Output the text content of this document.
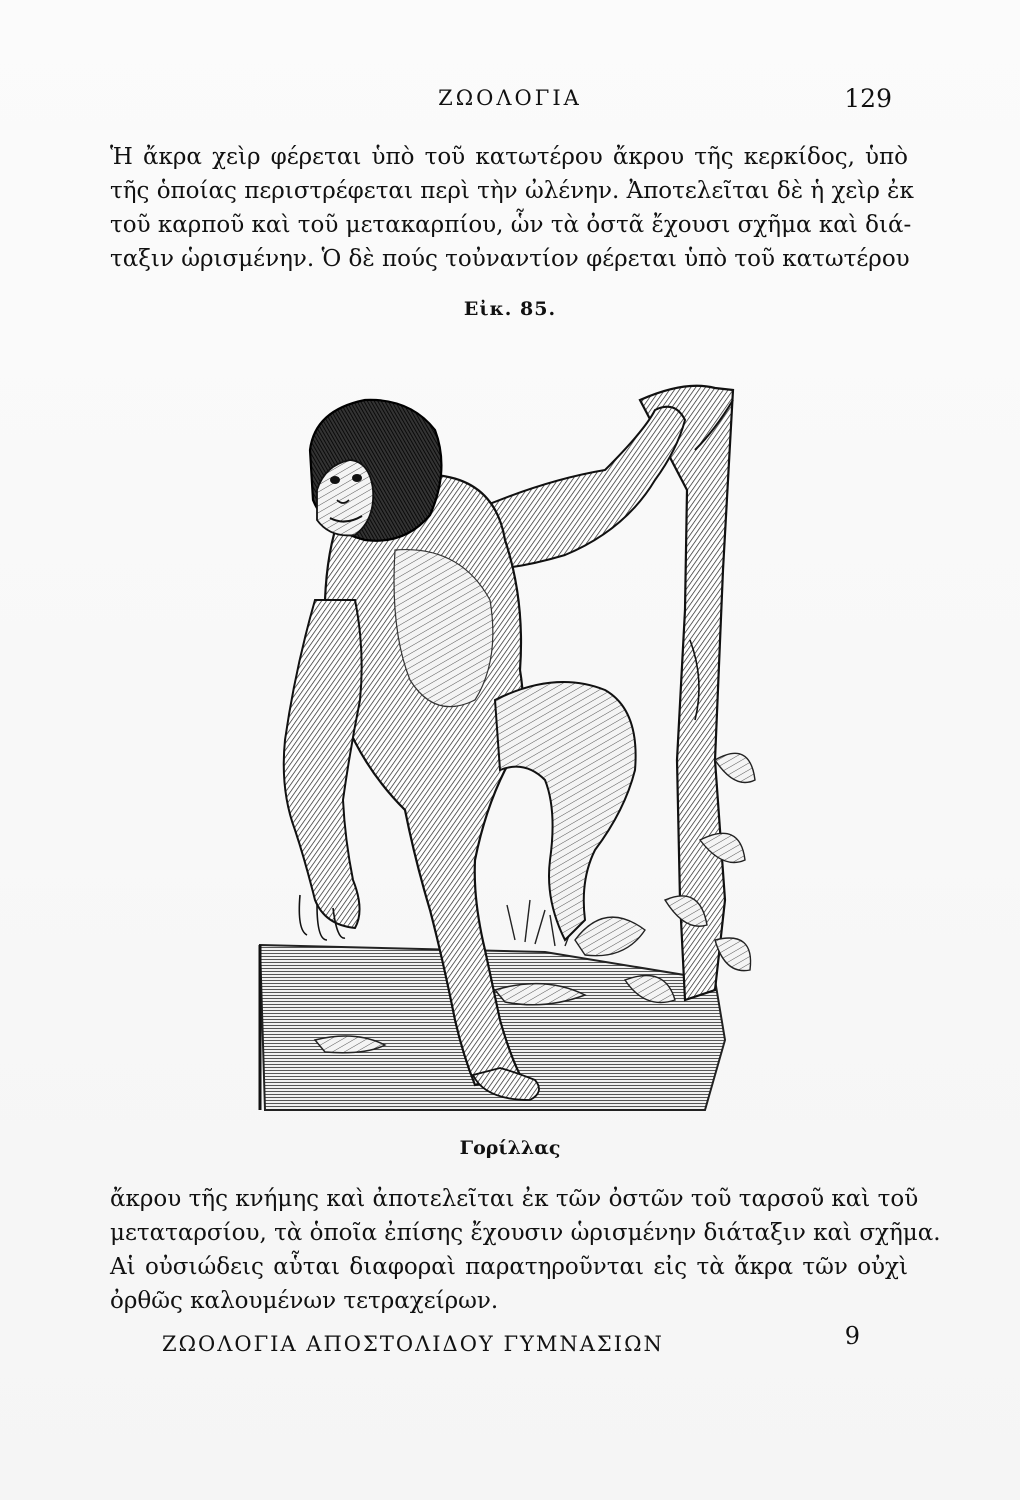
ΖΩΟΛΟΓΙΑ	129
Ἡ ἄκρα χεὶρ φέρεται ὑπὸ τοῦ κατωτέρου ἄκρου τῆς κερκίδος, ὑπὸ
τῆς ὁποίας περιστρέφεται περὶ τὴν ὠλένην. Ἀποτελεῖται δὲ ἡ χεὶρ ἐκ
τοῦ καρποῦ καὶ τοῦ μετακαρπίου, ὧν τὰ ὀστᾶ ἔχουσι σχῆμα καὶ διά-
ταξιν ὡρισμένην. Ὁ δὲ πούς τοὐναντίον φέρεται ὑπὸ τοῦ κατωτέρου
Εἰκ. 85.
Γορίλλας
ἄκρου τῆς κνήμης καὶ ἀποτελεῖται ἐκ τῶν ὀστῶν τοῦ ταρσοῦ καὶ τοῦ
μεταταρσίου, τὰ ὁποῖα ἐπίσης ἔχουσιν ὡρισμένην διάταξιν καὶ σχῆμα.
Αἱ οὐσιώδεις αὗται διαφοραὶ παρατηροῦνται εἰς τὰ ἄκρα τῶν οὐχὶ
ὀρθῶς καλουμένων τετραχείρων.
ΖΩΟΛΟΓΙΑ ΑΠΟΣΤΟΛΙΔΟΥ ΓΥΜΝΑΣΙΩΝ	9
